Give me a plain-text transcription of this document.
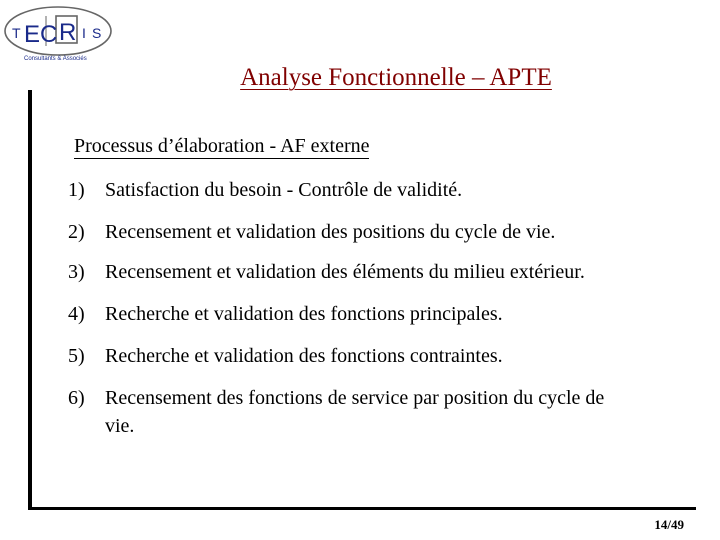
T EC R I S
Consultants & Associés
Analyse Fonctionnelle – APTE
Processus d’élaboration - AF externe
1) Satisfaction du besoin - Contrôle de validité.
2) Recensement et validation des positions du cycle de vie.
3) Recensement et validation des éléments du milieu extérieur.
4) Recherche et validation des fonctions principales.
5) Recherche et validation des fonctions contraintes.
6) Recensement des fonctions de service par position du cycle de vie.
14/49
